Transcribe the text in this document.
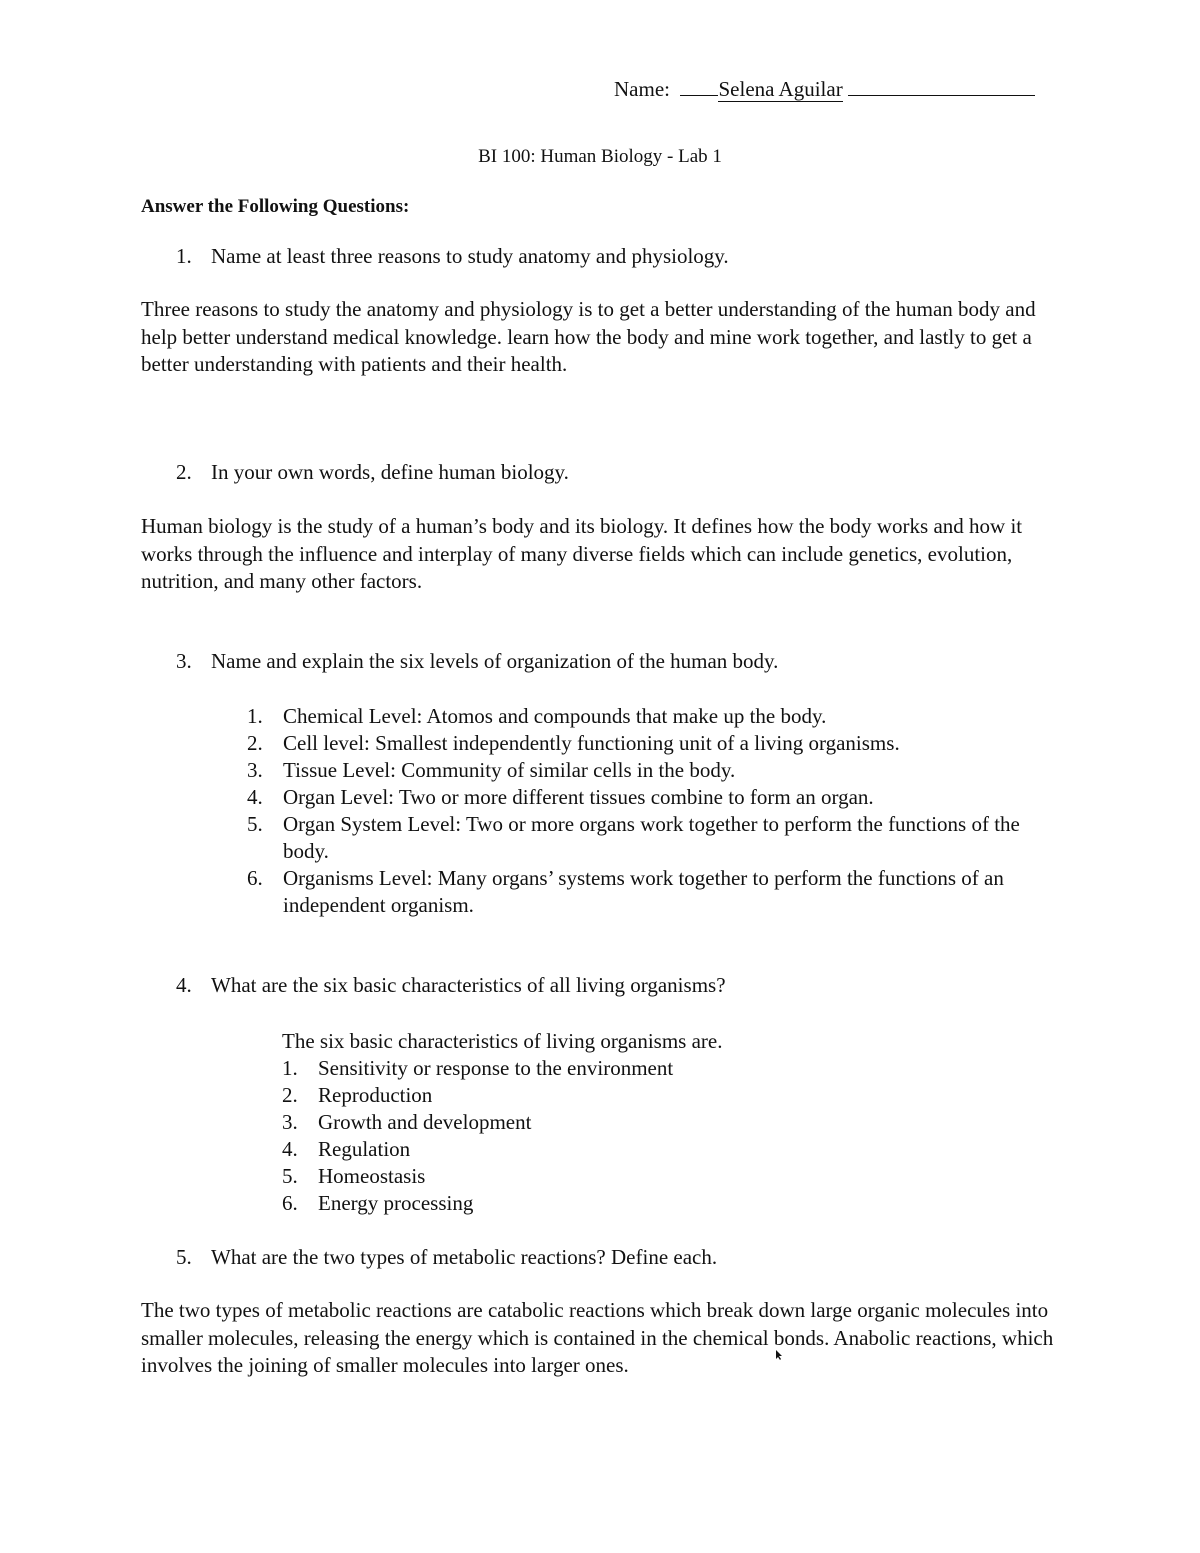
Name: Selena Aguilar
BI 100: Human Biology - Lab 1
Answer the Following Questions:
1. Name at least three reasons to study anatomy and physiology.
Three reasons to study the anatomy and physiology is to get a better understanding of the human body and help better understand medical knowledge. learn how the body and mine work together, and lastly to get a better understanding with patients and their health.
2. In your own words, define human biology.
Human biology is the study of a human’s body and its biology. It defines how the body works and how it works through the influence and interplay of many diverse fields which can include genetics, evolution, nutrition, and many other factors.
3. Name and explain the six levels of organization of the human body.
1. Chemical Level: Atomos and compounds that make up the body.
2. Cell level: Smallest independently functioning unit of a living organisms.
3. Tissue Level: Community of similar cells in the body.
4. Organ Level: Two or more different tissues combine to form an organ.
5. Organ System Level: Two or more organs work together to perform the functions of the body.
6. Organisms Level: Many organs’ systems work together to perform the functions of an independent organism.
4. What are the six basic characteristics of all living organisms?
The six basic characteristics of living organisms are.
1. Sensitivity or response to the environment
2. Reproduction
3. Growth and development
4. Regulation
5. Homeostasis
6. Energy processing
5. What are the two types of metabolic reactions? Define each.
The two types of metabolic reactions are catabolic reactions which break down large organic molecules into smaller molecules, releasing the energy which is contained in the chemical bonds. Anabolic reactions, which involves the joining of smaller molecules into larger ones.
